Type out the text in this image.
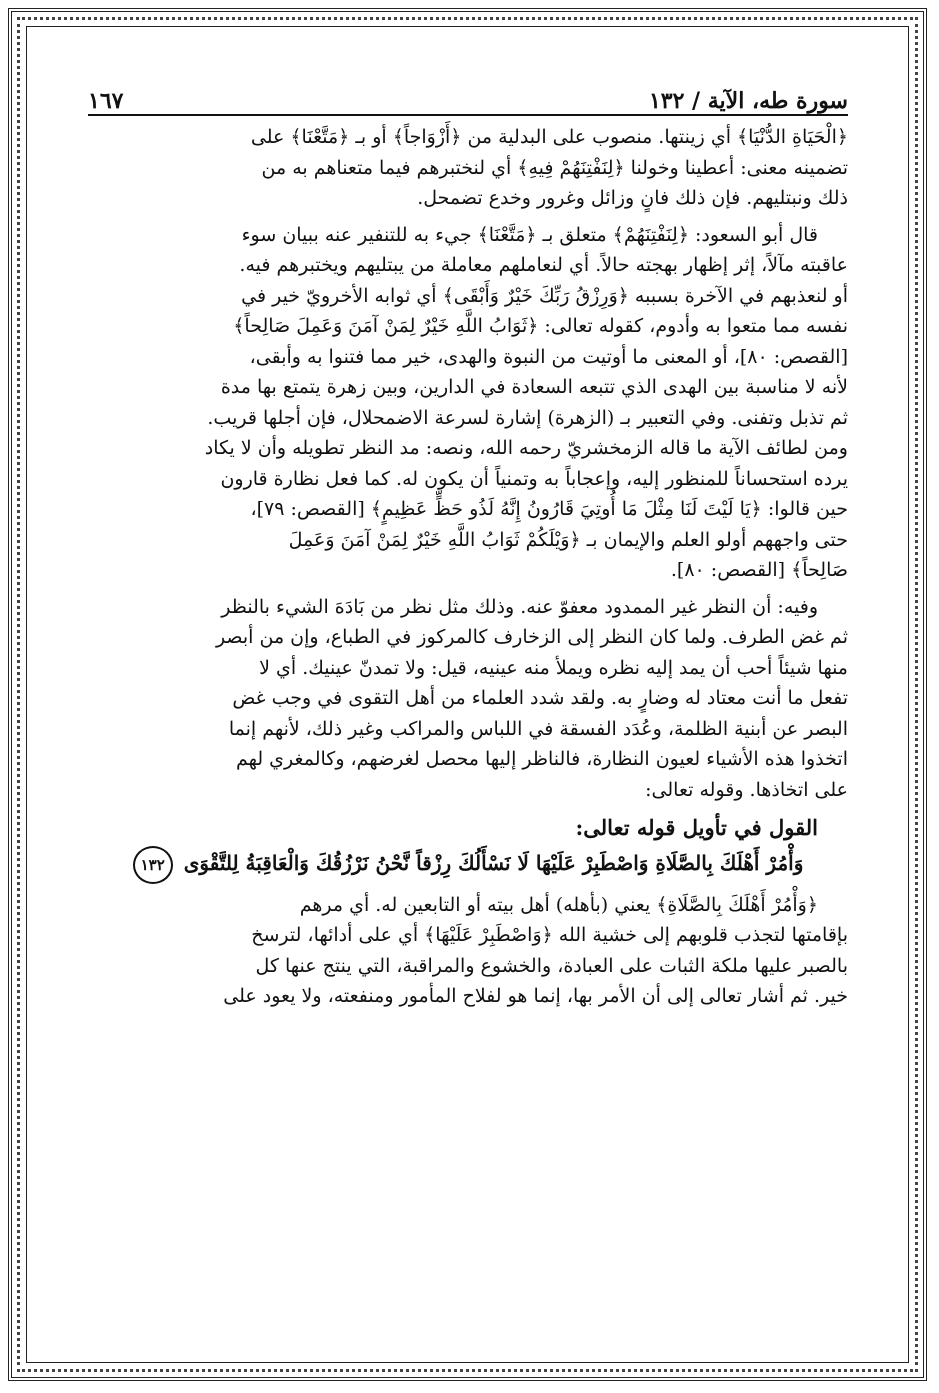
سورة طه، الآية / ١٣٢
١٦٧

﴿الْحَيَاةِ الدُّنْيَا﴾ أي زينتها. منصوب على البدلية من ﴿أَزْوَاجاً﴾ أو بـ ﴿مَتَّعْنَا﴾ على

تضمينه معنى: أعطينا وخولنا ﴿لِنَفْتِنَهُمْ فِيهِ﴾ أي لنختبرهم فيما متعناهم به من

ذلك ونبتليهم. فإن ذلك فانٍ وزائل وغرور وخدع تضمحل.

قال أبو السعود: ﴿لِنَفْتِنَهُمْ﴾ متعلق بـ ﴿مَتَّعْنَا﴾ جيء به للتنفير عنه ببيان سوء

عاقبته مآلاً، إثر إظهار بهجته حالاً. أي لنعاملهم معاملة من يبتليهم ويختبرهم فيه.

أو لنعذبهم في الآخرة بسببه ﴿وَرِزْقُ رَبِّكَ خَيْرٌ وَأَبْقَى﴾ أي ثوابه الأخرويّ خير في

نفسه مما متعوا به وأدوم، كقوله تعالى: ﴿ثَوَابُ اللَّهِ خَيْرٌ لِمَنْ آمَنَ وَعَمِلَ صَالِحاً﴾

[القصص: ٨٠]، أو المعنى ما أوتيت من النبوة والهدى، خير مما فتنوا به وأبقى،

لأنه لا مناسبة بين الهدى الذي تتبعه السعادة في الدارين، وبين زهرة يتمتع بها مدة

ثم تذبل وتفنى. وفي التعبير بـ (الزهرة) إشارة لسرعة الاضمحلال، فإن أجلها قريب.

ومن لطائف الآية ما قاله الزمخشريّ رحمه الله، ونصه: مد النظر تطويله وأن لا يكاد

يرده استحساناً للمنظور إليه، وإعجاباً به وتمنياً أن يكون له. كما فعل نظارة قارون

حين قالوا: ﴿يَا لَيْتَ لَنَا مِثْلَ مَا أُوتِيَ قَارُونُ إِنَّهُ لَذُو حَظٍّ عَظِيمٍ﴾ [القصص: ٧٩]،

حتى واجههم أولو العلم والإيمان بـ ﴿وَيْلَكُمْ ثَوَابُ اللَّهِ خَيْرٌ لِمَنْ آمَنَ وَعَمِلَ

صَالِحاً﴾ [القصص: ٨٠].

وفيه: أن النظر غير الممدود معفوّ عنه. وذلك مثل نظر من بَادَهَ الشيء بالنظر

ثم غض الطرف. ولما كان النظر إلى الزخارف كالمركوز في الطباع، وإن من أبصر

منها شيئاً أحب أن يمد إليه نظره ويملأ منه عينيه، قيل: ولا تمدنّ عينيك. أي لا

تفعل ما أنت معتاد له وضارٍ به. ولقد شدد العلماء من أهل التقوى في وجب غض

البصر عن أبنية الظلمة، وعُدَد الفسقة في اللباس والمراكب وغير ذلك، لأنهم إنما

اتخذوا هذه الأشياء لعيون النظارة، فالناظر إليها محصل لغرضهم، وكالمغري لهم

على اتخاذها. وقوله تعالى:

القول في تأويل قوله تعالى:
وَأْمُرْ أَهْلَكَ بِالصَّلَاةِ وَاصْطَبِرْ عَلَيْهَا لَا نَسْأَلُكَ رِزْقاً نَّحْنُ نَرْزُقُكَ وَالْعَاقِبَةُ لِلتَّقْوَى ١٣٢

﴿وَأْمُرْ أَهْلَكَ بِالصَّلَاةِ﴾ يعني (بأهله) أهل بيته أو التابعين له. أي مرهم

بإقامتها لتجذب قلوبهم إلى خشية الله ﴿وَاصْطَبِرْ عَلَيْهَا﴾ أي على أدائها، لترسخ

بالصبر عليها ملكة الثبات على العبادة، والخشوع والمراقبة، التي ينتج عنها كل

خير. ثم أشار تعالى إلى أن الأمر بها، إنما هو لفلاح المأمور ومنفعته، ولا يعود على
